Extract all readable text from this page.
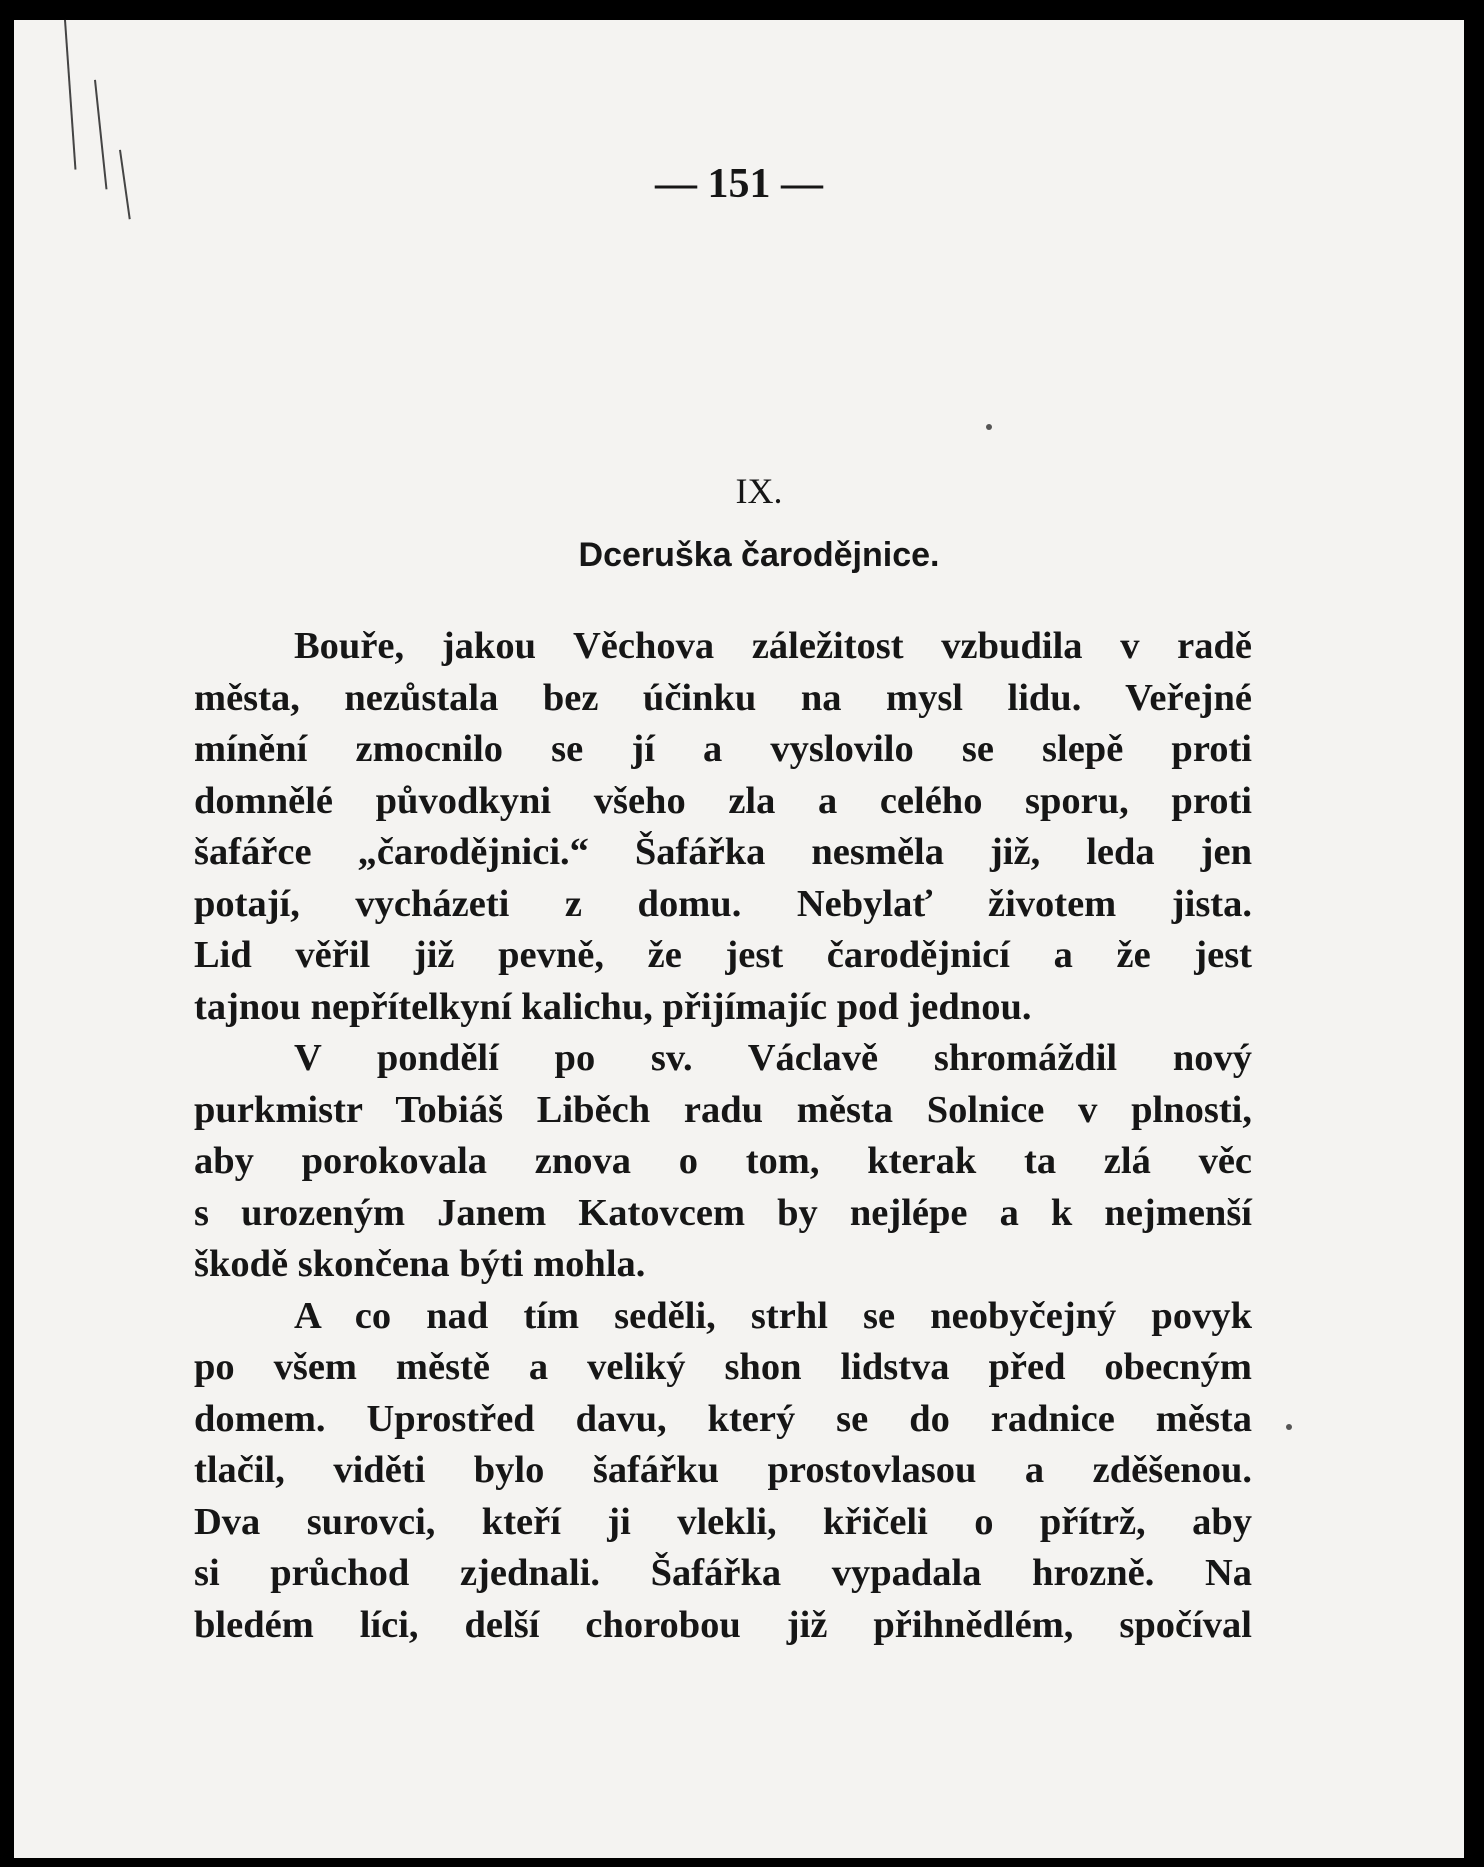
— 151 —
IX.
Dceruška čarodějnice.
Bouře, jakou Věchova záležitost vzbudila v radě
města, nezůstala bez účinku na mysl lidu. Veřejné
mínění zmocnilo se jí a vyslovilo se slepě proti
domnělé původkyni všeho zla a celého sporu, proti
šafářce „čarodějnici.“ Šafářka nesměla již, leda jen
potají, vycházeti z domu. Nebylať životem jista.
Lid věřil již pevně, že jest čarodějnicí a že jest
tajnou nepřítelkyní kalichu, přijímajíc pod jednou.
V pondělí po sv. Václavě shromáždil nový
purkmistr Tobiáš Liběch radu města Solnice v plnosti,
aby porokovala znova o tom, kterak ta zlá věc
s urozeným Janem Katovcem by nejlépe a k nejmenší
škodě skončena býti mohla.
A co nad tím seděli, strhl se neobyčejný povyk
po všem městě a veliký shon lidstva před obecným
domem. Uprostřed davu, který se do radnice města
tlačil, viděti bylo šafářku prostovlasou a zděšenou.
Dva surovci, kteří ji vlekli, křičeli o přítrž, aby
si průchod zjednali. Šafářka vypadala hrozně. Na
bledém líci, delší chorobou již přihnědlém, spočíval
